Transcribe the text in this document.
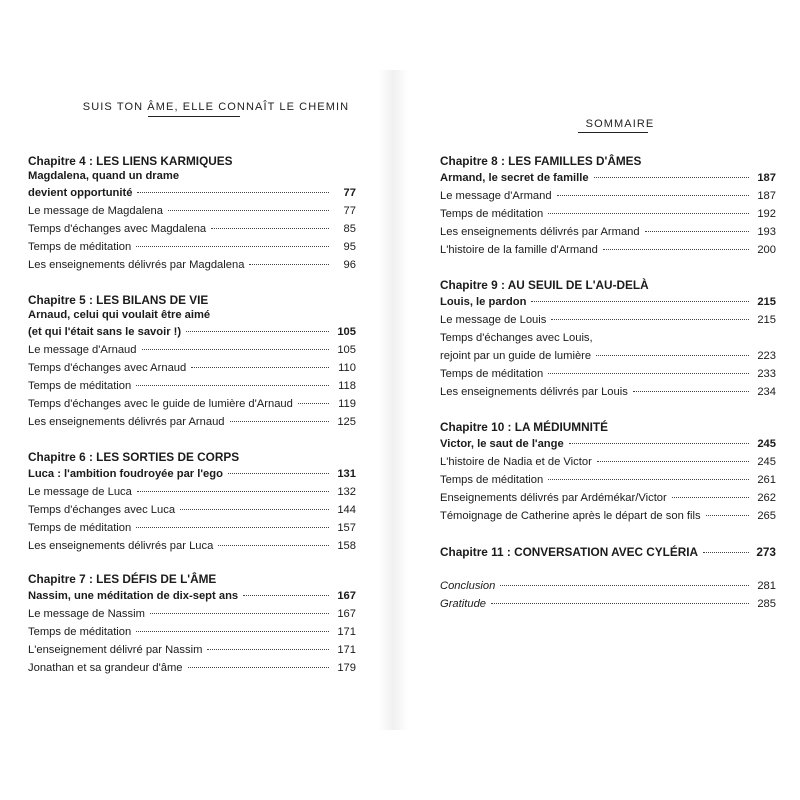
SUIS TON ÂME, ELLE CONNAÎT LE CHEMIN
SOMMAIRE
Chapitre 4 : LES LIENS KARMIQUES
Magdalena, quand un drame
devient opportunité	77
Le message de Magdalena	77
Temps d'échanges avec Magdalena	85
Temps de méditation	95
Les enseignements délivrés par Magdalena	96
Chapitre 5 : LES BILANS DE VIE
Arnaud, celui qui voulait être aimé
(et qui l'était sans le savoir !)	105
Le message d'Arnaud	105
Temps d'échanges avec Arnaud	110
Temps de méditation	118
Temps d'échanges avec le guide de lumière d'Arnaud	119
Les enseignements délivrés par Arnaud	125
Chapitre 6 : LES SORTIES DE CORPS
Luca : l'ambition foudroyée par l'ego	131
Le message de Luca	132
Temps d'échanges avec Luca	144
Temps de méditation	157
Les enseignements délivrés par Luca	158
Chapitre 7 : LES DÉFIS DE L'ÂME
Nassim, une méditation de dix-sept ans	167
Le message de Nassim	167
Temps de méditation	171
L'enseignement délivré par Nassim	171
Jonathan et sa grandeur d'âme	179
Chapitre 8 : LES FAMILLES D'ÂMES
Armand, le secret de famille	187
Le message d'Armand	187
Temps de méditation	192
Les enseignements délivrés par Armand	193
L'histoire de la famille d'Armand	200
Chapitre 9 : AU SEUIL DE L'AU-DELÀ
Louis, le pardon	215
Le message de Louis	215
Temps d'échanges avec Louis,
rejoint par un guide de lumière	223
Temps de méditation	233
Les enseignements délivrés par Louis	234
Chapitre 10 : LA MÉDIUMNITÉ
Victor, le saut de l'ange	245
L'histoire de Nadia et de Victor	245
Temps de méditation	261
Enseignements délivrés par Ardémékar/Victor	262
Témoignage de Catherine après le départ de son fils	265
Chapitre 11 : CONVERSATION AVEC CYLÉRIA	273
Conclusion	281
Gratitude	285
